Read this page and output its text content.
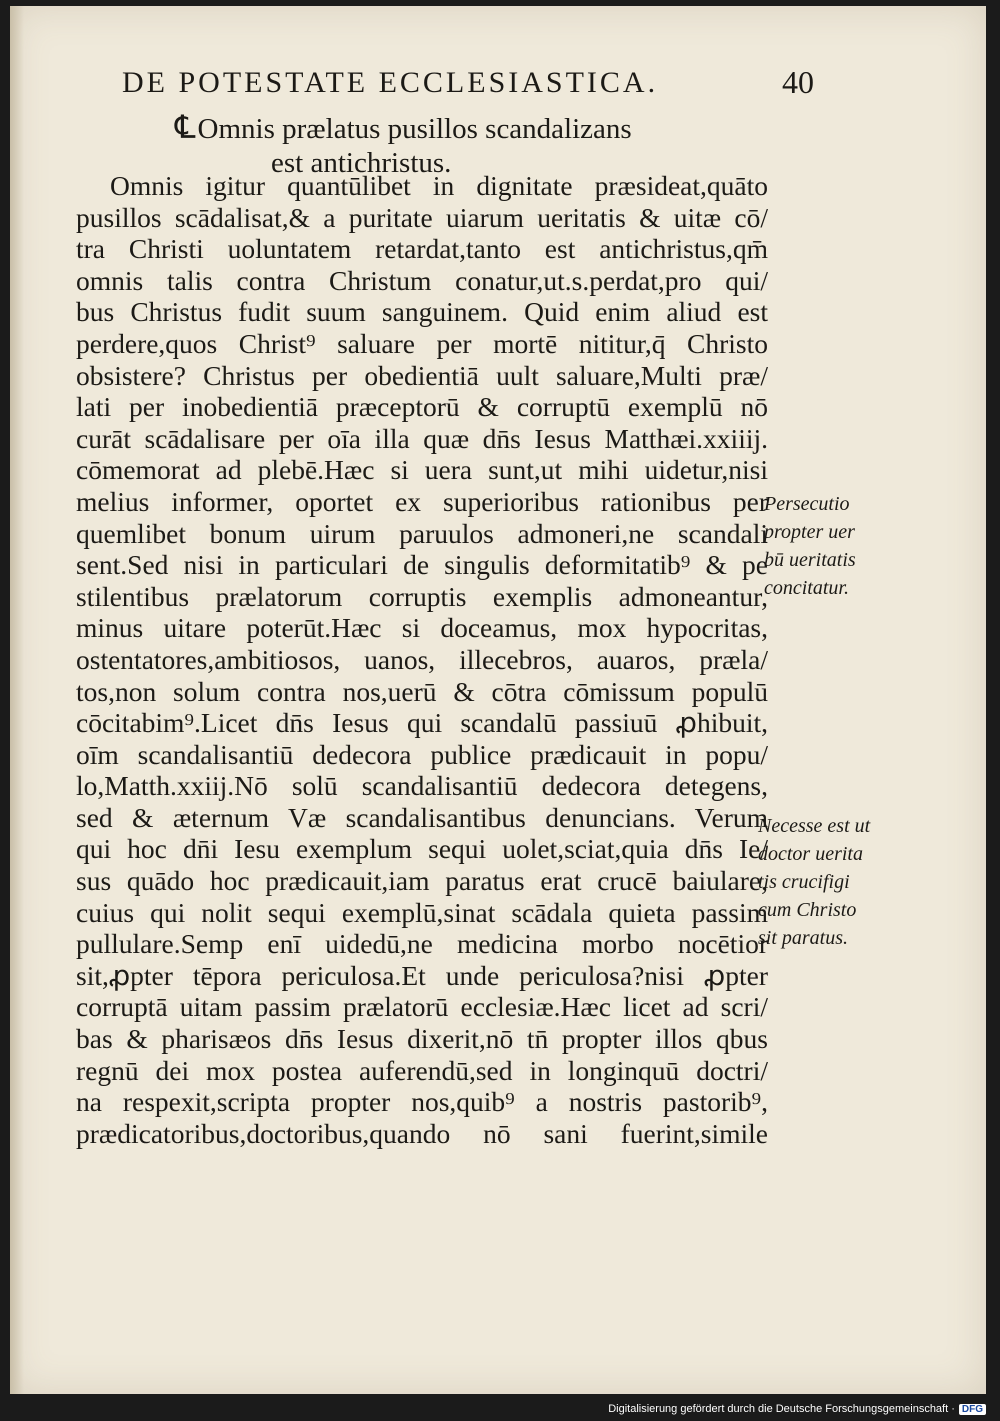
DE POTESTATE ECCLESIASTICA.	40
℄Omnis prælatus pusillos scandalizans
est antichristus.
Omnis igitur quantūlibet in dignitate præsideat,quāto
pusillos scādalisat,& a puritate uiarum ueritatis & uitæ cō/
tra Christi uoluntatem retardat,tanto est antichristus,qm̄
omnis talis contra Christum conatur,ut.s.perdat,pro qui/
bus Christus fudit suum sanguinem. Quid enim aliud est
perdere,quos Christ⁹ saluare per mortē nititur,q̄ Christo
obsistere? Christus per obedientiā uult saluare,Multi præ/
lati per inobedientiā præceptorū & corruptū exemplū nō
curāt scādalisare per oīa illa quæ dn̄s Iesus Matthæi.xxiiij.
cōmemorat ad plebē.Hæc si uera sunt,ut mihi uidetur,nisi
melius informer, oportet ex superioribus rationibus per
quemlibet bonum uirum paruulos admoneri,ne scandali
sent.Sed nisi in particulari de singulis deformitatib⁹ & pe
stilentibus prælatorum corruptis exemplis admoneantur,
minus uitare poterūt.Hæc si doceamus, mox hypocritas,
ostentatores,ambitiosos, uanos, illecebros, auaros, præla/
tos,non solum contra nos,uerū & cōtra cōmissum populū
cōcitabim⁹.Licet dn̄s Iesus qui scandalū passiuū ꝓhibuit,
oīm scandalisantiū dedecora publice prædicauit in popu/
lo,Matth.xxiij.Nō solū scandalisantiū dedecora detegens,
sed & æternum Væ scandalisantibus denuncians. Verum
qui hoc dn̄i Iesu exemplum sequi uolet,sciat,quia dn̄s Ie/
sus quādo hoc prædicauit,iam paratus erat crucē baiulare,
cuius qui nolit sequi exemplū,sinat scādala quieta passim
pullulare.Semp enī uidedū,ne medicina morbo nocētior
sit,ꝓpter tēpora periculosa.Et unde periculosa?nisi ꝓpter
corruptā uitam passim prælatorū ecclesiæ.Hæc licet ad scri/
bas & pharisæos dn̄s Iesus dixerit,nō tn̄ propter illos qbus
regnū dei mox postea auferendū,sed in longinquū doctri/
na respexit,scripta propter nos,quib⁹ a nostris pastorib⁹,
prædicatoribus,doctoribus,quando nō sani fuerint,simile
Persecutio
propter uer
bū ueritatis
concitatur.
Necesse est ut
doctor uerita
tis crucifigi
cum Christo
sit paratus.
Digitalisierung gefördert durch die Deutsche Forschungsgemeinschaft · DFG
